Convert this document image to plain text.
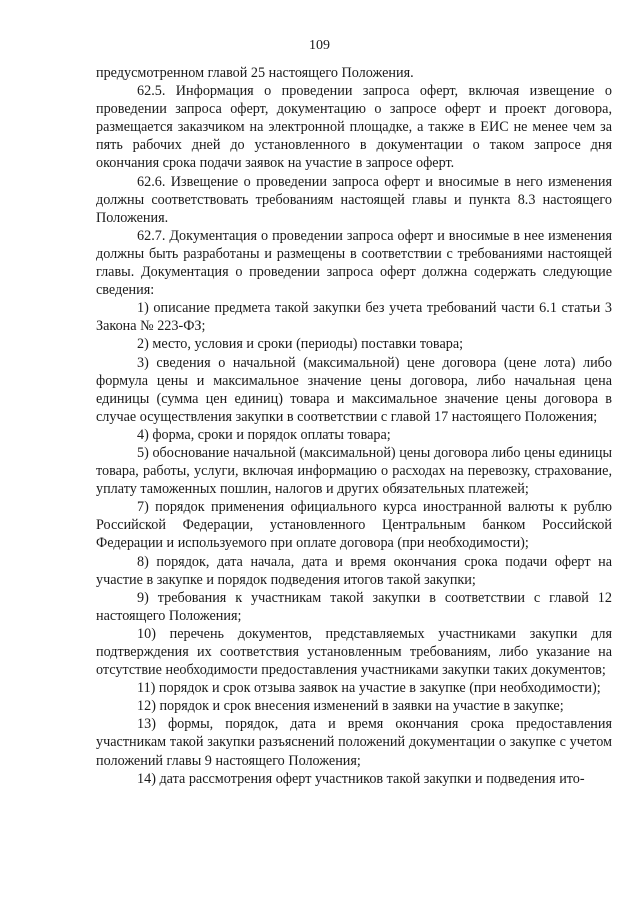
109

предусмотренном главой 25 настоящего Положения.

62.5. Информация о проведении запроса оферт, включая извещение о проведении запроса оферт, документацию о запросе оферт и проект договора, размещается заказчиком на электронной площадке, а также в ЕИС не менее чем за пять рабочих дней до установленного в документации о таком запросе дня окончания срока подачи заявок на участие в запросе оферт.

62.6. Извещение о проведении запроса оферт и вносимые в него изменения должны соответствовать требованиям настоящей главы и пункта 8.3 настоящего Положения.

62.7. Документация о проведении запроса оферт и вносимые в нее изменения должны быть разработаны и размещены в соответствии с требованиями настоящей главы. Документация о проведении запроса оферт должна содержать следующие сведения:

1) описание предмета такой закупки без учета требований части 6.1 статьи 3 Закона № 223-ФЗ;

2) место, условия и сроки (периоды) поставки товара;

3) сведения о начальной (максимальной) цене договора (цене лота) либо формула цены и максимальное значение цены договора, либо начальная цена единицы (сумма цен единиц) товара и максимальное значение цены договора в случае осуществления закупки в соответствии с главой 17 настоящего Положения;

4) форма, сроки и порядок оплаты товара;

5) обоснование начальной (максимальной) цены договора либо цены единицы товара, работы, услуги, включая информацию о расходах на перевозку, страхование, уплату таможенных пошлин, налогов и других обязательных платежей;

7) порядок применения официального курса иностранной валюты к рублю Российской Федерации, установленного Центральным банком Российской Федерации и используемого при оплате договора (при необходимости);

8) порядок, дата начала, дата и время окончания срока подачи оферт на участие в закупке и порядок подведения итогов такой закупки;

9) требования к участникам такой закупки в соответствии с главой 12 настоящего Положения;

10) перечень документов, представляемых участниками закупки для подтверждения их соответствия установленным требованиям, либо указание на отсутствие необходимости предоставления участниками закупки таких документов;

11) порядок и срок отзыва заявок на участие в закупке (при необходимости);

12) порядок и срок внесения изменений в заявки на участие в закупке;

13) формы, порядок, дата и время окончания срока предоставления участникам такой закупки разъяснений положений документации о закупке с учетом положений главы 9 настоящего Положения;

14) дата рассмотрения оферт участников такой закупки и подведения ито-
